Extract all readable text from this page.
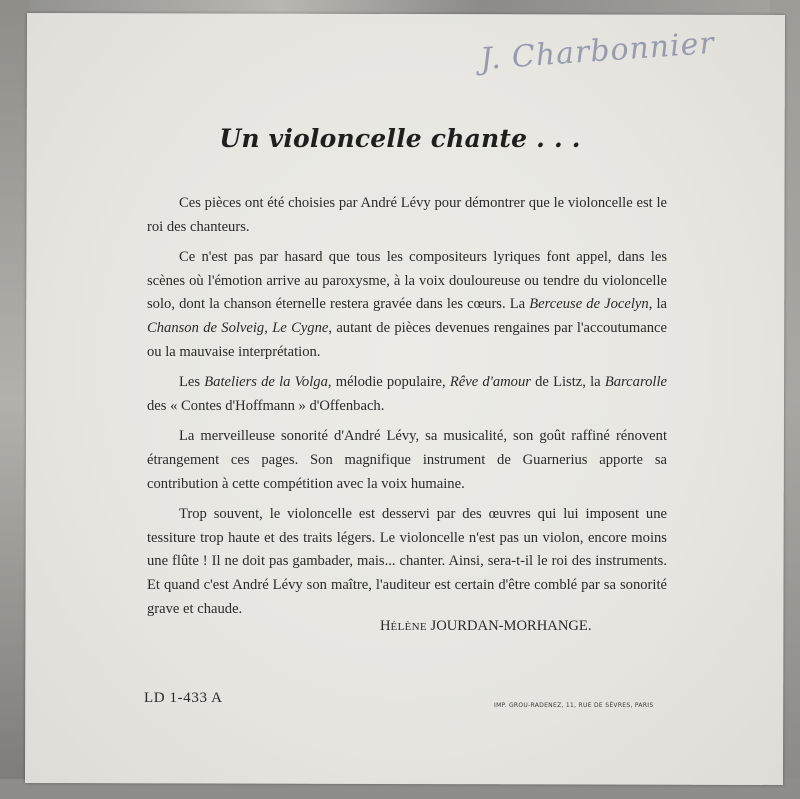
J. Charbonnier
Un violoncelle chante . . .

Ces pièces ont été choisies par André Lévy pour démontrer que le violoncelle est le roi des chanteurs.

Ce n'est pas par hasard que tous les compositeurs lyriques font appel, dans les scènes où l'émotion arrive au paroxysme, à la voix douloureuse ou tendre du violoncelle solo, dont la chanson éternelle restera gravée dans les cœurs. La Berceuse de Jocelyn, la Chanson de Solveig, Le Cygne, autant de pièces devenues rengaines par l'accoutumance ou la mauvaise interprétation.

Les Bateliers de la Volga, mélodie populaire, Rêve d'amour de Listz, la Barcarolle des « Contes d'Hoffmann » d'Offenbach.

La merveilleuse sonorité d'André Lévy, sa musicalité, son goût raffiné rénovent étrangement ces pages. Son magnifique instrument de Guarnerius apporte sa contribution à cette compétition avec la voix humaine.

Trop souvent, le violoncelle est desservi par des œuvres qui lui imposent une tessiture trop haute et des traits légers. Le violoncelle n'est pas un violon, encore moins une flûte ! Il ne doit pas gambader, mais... chanter. Ainsi, sera-t-il le roi des instruments. Et quand c'est André Lévy son maître, l'auditeur est certain d'être comblé par sa sonorité grave et chaude.

HÉLÈNE JOURDAN-MORHANGE.
LD 1-433 A	IMP. GROU-RADENEZ, 11, RUE DE SÈVRES, PARIS
